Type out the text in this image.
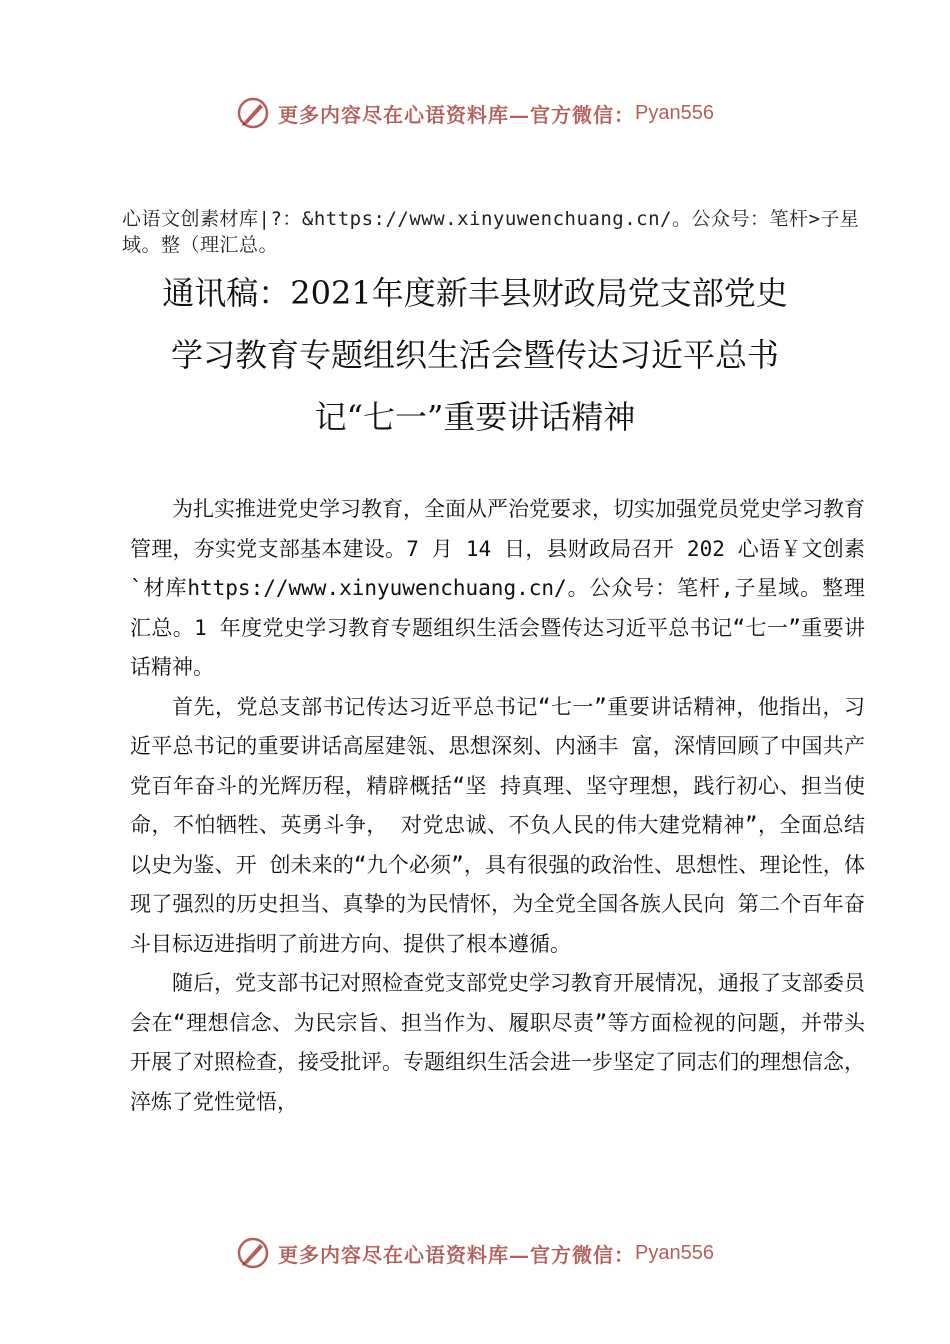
更多内容尽在心语资料库— 官方微信： Pyan556
心语文创素材库|?：&https://www.xinyuwenchuang.cn/。公众号：笔杆>子星域。整（理汇总。
通讯稿：2021年度新丰县财政局党支部党史
学习教育专题组织生活会暨传达习近平总书
记“七一”重要讲话精神

为扎实推进党史学习教育，全面从严治党要求，切实加强党员党史学习教育管理，夯实党支部基本建设。7 月 14 日，县财政局召开 202 心语￥文创素`材库https://www.xinyuwenchuang.cn/。公众号：笔杆,子星域。整理汇总。1 年度党史学习教育专题组织生活会暨传达习近平总书记“七一”重要讲话精神。

首先，党总支部书记传达习近平总书记“七一”重要讲话精神，他指出，习近平总书记的重要讲话高屋建瓴、思想深刻、内涵丰 富，深情回顾了中国共产党百年奋斗的光辉历程，精辟概括“坚 持真理、坚守理想，践行初心、担当使命，不怕牺牲、英勇斗争， 对党忠诚、不负人民的伟大建党精神”，全面总结以史为鉴、开 创未来的“九个必须”，具有很强的政治性、思想性、理论性，体 现了强烈的历史担当、真挚的为民情怀，为全党全国各族人民向 第二个百年奋斗目标迈进指明了前进方向、提供了根本遵循。

随后，党支部书记对照检查党支部党史学习教育开展情况，通报了支部委员会在“理想信念、为民宗旨、担当作为、履职尽责”等方面检视的问题，并带头开展了对照检查，接受批评。专题组织生活会进一步坚定了同志们的理想信念，淬炼了党性觉悟，

更多内容尽在心语资料库— 官方微信： Pyan556
